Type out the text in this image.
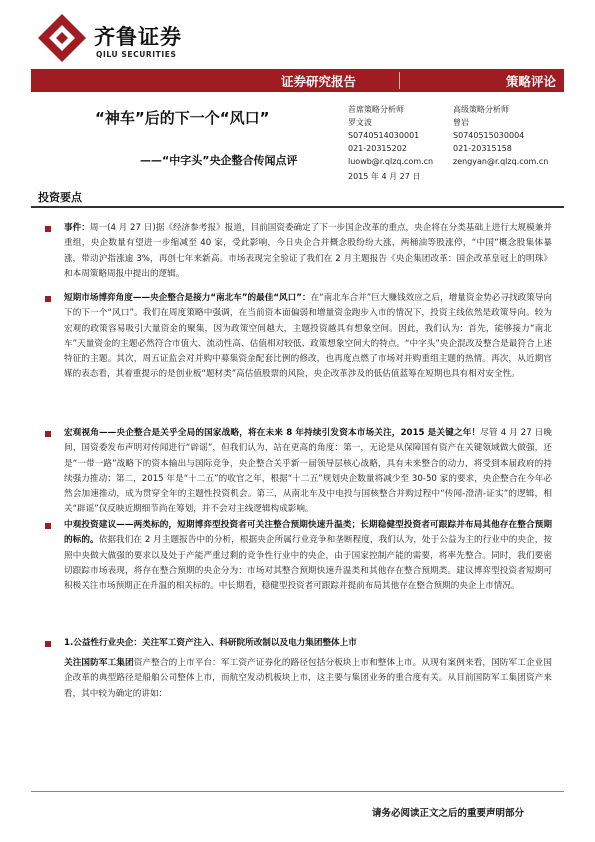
齐鲁证券
QILU SECURITIES
证券研究报告	策略评论
“神车”后的下一个“风口”
——“中字头”央企整合传闻点评
首席策略分析师
罗文波
S0740514030001
021-20315202
luowb@r.qlzq.com.cn
高级策略分析师
曾岩
S0740515030004
021-20315158
zengyan@r.qlzq.com.cn
2015 年 4 月 27 日
投资要点

事件：周一(4 月 27 日)据《经济参考报》报道，目前国资委确定了下一步国企改革的重点，央企将在分类基础上进行大规模兼并重组，央企数量有望进一步缩减至 40 家，受此影响，今日央企合并概念股纷纷大涨，两桶油等股涨停，“中国”概念股集体暴涨，带动沪指涨逾 3%，再创七年来新高。市场表现完全验证了我们在 2 月主题报告《央企集团改革：国企改革皇冠上的明珠》和本周策略周报中提出的逻辑。

短期市场博弈角度——央企整合是接力“南北车”的最佳“风口”：在“南北车合并”巨大赚钱效应之后，增量资金势必寻找政策导向下的下一个“风口”。我们在周度策略中强调，在当前资本面偏弱和增量资金跑步入市的情况下，投资主线依然是政策导向。较为宏观的政策容易吸引大量资金的聚集，因为政策空间越大，主题投资越具有想象空间。因此，我们认为：首先，能够接力“南北车”天量资金的主题必然符合市值大、流动性高、估值相对较低、政策想象空间大的特点。“中字头”央企混改及整合是最符合上述特征的主题。其次，周五证监会对并购中募集资金配套比例的修改，也再度点燃了市场对并购重组主题的热情。再次，从近期官媒的表态看，其着重提示的是创业板“题材类”高估值股票的风险，央企改革涉及的低估值蓝筹在短期也具有相对安全性。

宏观视角——央企整合是关乎全局的国家战略，将在未来 8 年持续引发资本市场关注，2015 是关键之年！尽管 4 月 27 日晚间，国资委发布声明对传闻进行“辟谣”，但我们认为，站在更高的角度：第一，无论是从保障国有资产在关键领域做大做强，还是“一带一路”战略下的资本输出与国际竞争，央企整合关乎新一届领导层核心战略，具有未来整合的动力，将受到本届政府的持续强力推动；第二，2015 年是“十二五”的收官之年，根据“十二五”规划央企数量将减少至 30-50 家的要求，央企整合在今年必然会加速推动，成为贯穿全年的主题性投资机会。第三，从南北车及中电投与国核整合并购过程中“传闻-澄清-证实”的逻辑，相关“辟谣”仅反映近期细节尚在筹划，并不会对主线逻辑构成影响。

中观投资建议——两类标的，短期博弈型投资者可关注整合预期快速升温类；长期稳健型投资者可跟踪并布局其他存在整合预期的标的。依据我们在 2 月主题报告中的分析，根据央企所属行业竞争和垄断程度，我们认为，处于公益为主的行业中的央企，按照中央做大做强的要求以及处于产能严重过剩的竞争性行业中的央企，由于国家控制产能的需要，将率先整合。同时，我们要密切跟踪市场表现，将存在整合预期的央企分为：市场对其整合预期快速升温类和其他存在整合预期类。建议博弈型投资者短期可积极关注市场预期正在升温的相关标的。中长期看，稳健型投资者可跟踪并提前布局其他存在整合预期的央企上市情况。

1.公益性行业央企：关注军工资产注入、科研院所改制以及电力集团整体上市

关注国防军工集团资产整合的上市平台：军工资产证券化的路径包括分板块上市和整体上市。从现有案例来看，国防军工企业国企改革的典型路径是船舶公司整体上市，而航空发动机板块上市，这主要与集团业务的重合度有关。从目前国防军工集团资产来看，其中较为确定的讲如：

请务必阅读正文之后的重要声明部分
